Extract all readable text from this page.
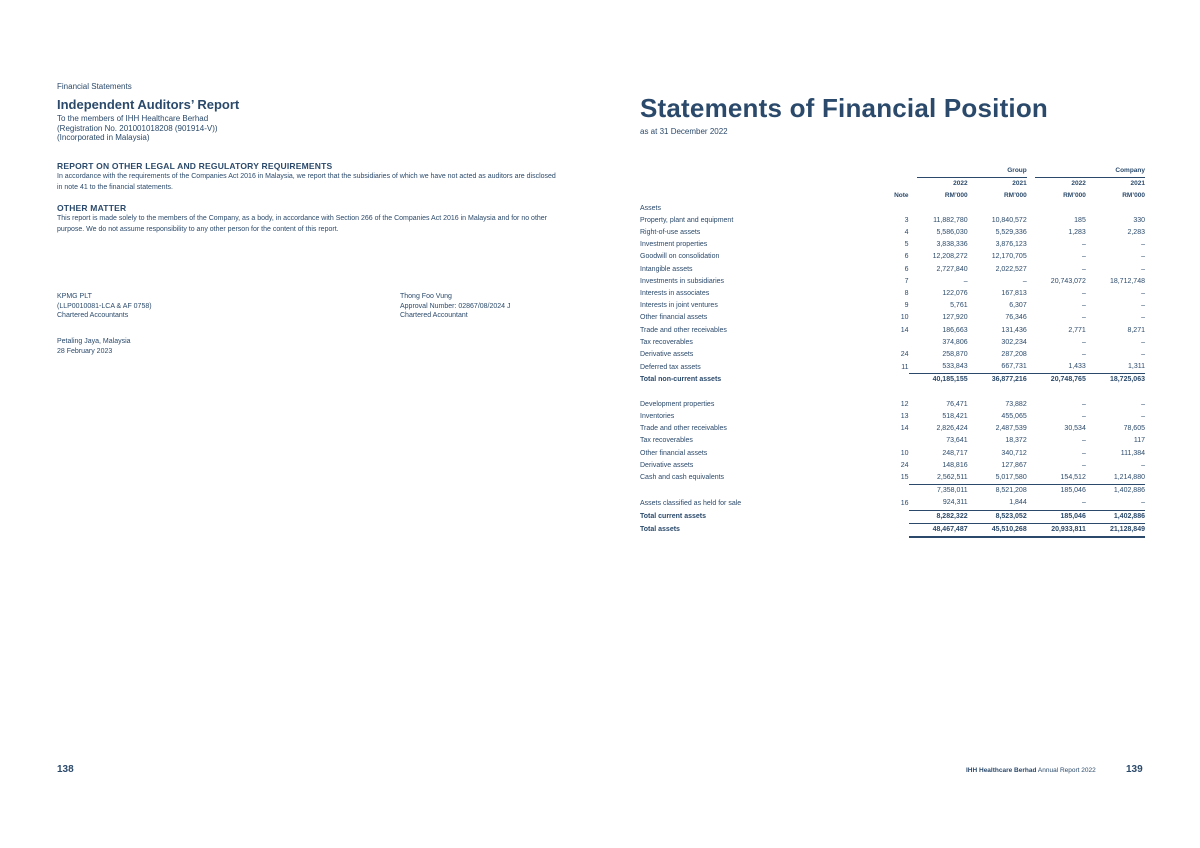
Financial Statements
Independent Auditors’ Report
To the members of IHH Healthcare Berhad
(Registration No. 201001018208 (901914-V))
(Incorporated in Malaysia)
REPORT ON OTHER LEGAL AND REGULATORY REQUIREMENTS

In accordance with the requirements of the Companies Act 2016 in Malaysia, we report that the subsidiaries of which we have not acted as auditors are disclosed in note 41 to the financial statements.

OTHER MATTER

This report is made solely to the members of the Company, as a body, in accordance with Section 266 of the Companies Act 2016 in Malaysia and for no other purpose. We do not assume responsibility to any other person for the content of this report.

KPMG PLT
(LLP0010081-LCA & AF 0758)
Chartered Accountants
Thong Foo Vung
Approval Number: 02867/08/2024 J
Chartered Accountant
Petaling Jaya, Malaysia
28 February 2023
138
Statements of Financial Position
as at 31 December 2022

		Group		Company	

		2022	2021	2022	2021
	Note	RM’000	RM’000	RM’000	RM’000
Assets					
Property, plant and equipment	3	11,882,780	10,840,572	185	330
Right-of-use assets	4	5,586,030	5,529,336	1,283	2,283
Investment properties	5	3,838,336	3,876,123	–	–
Goodwill on consolidation	6	12,208,272	12,170,705	–	–
Intangible assets	6	2,727,840	2,022,527	–	–
Investments in subsidiaries	7	–	–	20,743,072	18,712,748
Interests in associates	8	122,076	167,813	–	–
Interests in joint ventures	9	5,761	6,307	–	–
Other financial assets	10	127,920	76,346	–	–
Trade and other receivables	14	186,663	131,436	2,771	8,271
Tax recoverables		374,806	302,234	–	–
Derivative assets	24	258,870	287,208	–	–
Deferred tax assets	11	533,843	667,731	1,433	1,311
Total non-current assets		40,185,155	36,877,216	20,748,765	18,725,063

Development properties	12	76,471	73,882	–	–
Inventories	13	518,421	455,065	–	–
Trade and other receivables	14	2,826,424	2,487,539	30,534	78,605
Tax recoverables		73,641	18,372	–	117
Other financial assets	10	248,717	340,712	–	111,384
Derivative assets	24	148,816	127,867	–	–
Cash and cash equivalents	15	2,562,511	5,017,580	154,512	1,214,880
		7,358,011	8,521,208	185,046	1,402,886
Assets classified as held for sale	16	924,311	1,844	–	–
Total current assets		8,282,322	8,523,052	185,046	1,402,886
Total assets		48,467,487	45,510,268	20,933,811	21,128,849
IHH Healthcare Berhad Annual Report 2022	139
